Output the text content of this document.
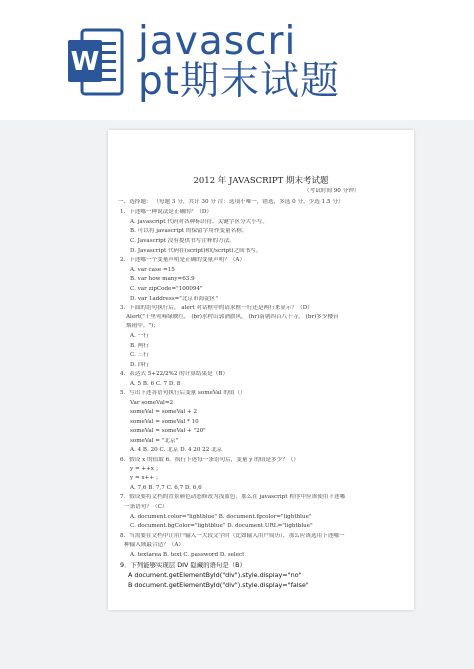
W javascri
pt期末试题
2012 年 JAVASCRIPT 期末考试题
（考试时间 90 分钟）
一、选择题： （每题 3 分，共计 30 分 注：选项不唯一，错选，多选 0 分，少选 1.5 分）
1．下述哪一种说法是正确的？（D）
A. javascript 代码对各种标识符、关键字区分大小写。
B. 可以将 javascript 的保留字用作变量名称。
C. Javascript 没有提供书写注释的方法。
D. Javascript 代码在(script)和(/script)之间书写。
2．下述哪一个变量声明是正确的变量声明？（A）
A. var case =15
B. var how many=63.9
C. var zipCode="100094"
D. var 1address="北京市海淀区"
3．下面的语句执行后， alert 对话框中的请求框一行还是两行来显示？（D）
Alert("千里莺啼绿映红， (br)水村山郭酒旗风， (hr)南朝四百八十寺， (br)多少楼台
烟雨中。")；
A. 一行
B. 两行
C. 三行
D. 四行
4．表达式 5+22/2%2 的计算结果是（B）
A. 5 B. 6 C. 7 D. 8
5．写出下述各语句执行后变量 someVal 的值（）
Var someVal=2
someVal = someVal + 2
someVal = someVal * 10
someVal = someVal + "20"
someVal = "北京"
A. 4 B. 20 C. 北京 D. 4 20 22 北京
6．假设 x 的值取 6，执行下述每一条语句后，变量 y 的值是多少？（）
y = ++x ；
y = x++ ；
A. 7,6 B. 7,7 C. 6,7 D. 6,6
7．假设要将文档的背景颜色动态修改为浅蓝色，那么在 javascript 程序中应该使用下述哪
一条语句？（C）
A. document.color="lightblue" B. document.fgcolor="lightblue"
C. document.bgColor="lightblue" D. document.URL="lightblue"
8．当需要在文档中让用户输入一大段文字时（比如输入用户简历），那么应该选用下述哪一
种输入域最合适？（A）
A. textarea B. text C. password D. select
9．下列能够实现层 DIV 隐藏的语句是（B）
A document.getElementById("div").style.display="no"
B document.getElementById("div").style.display="false"
